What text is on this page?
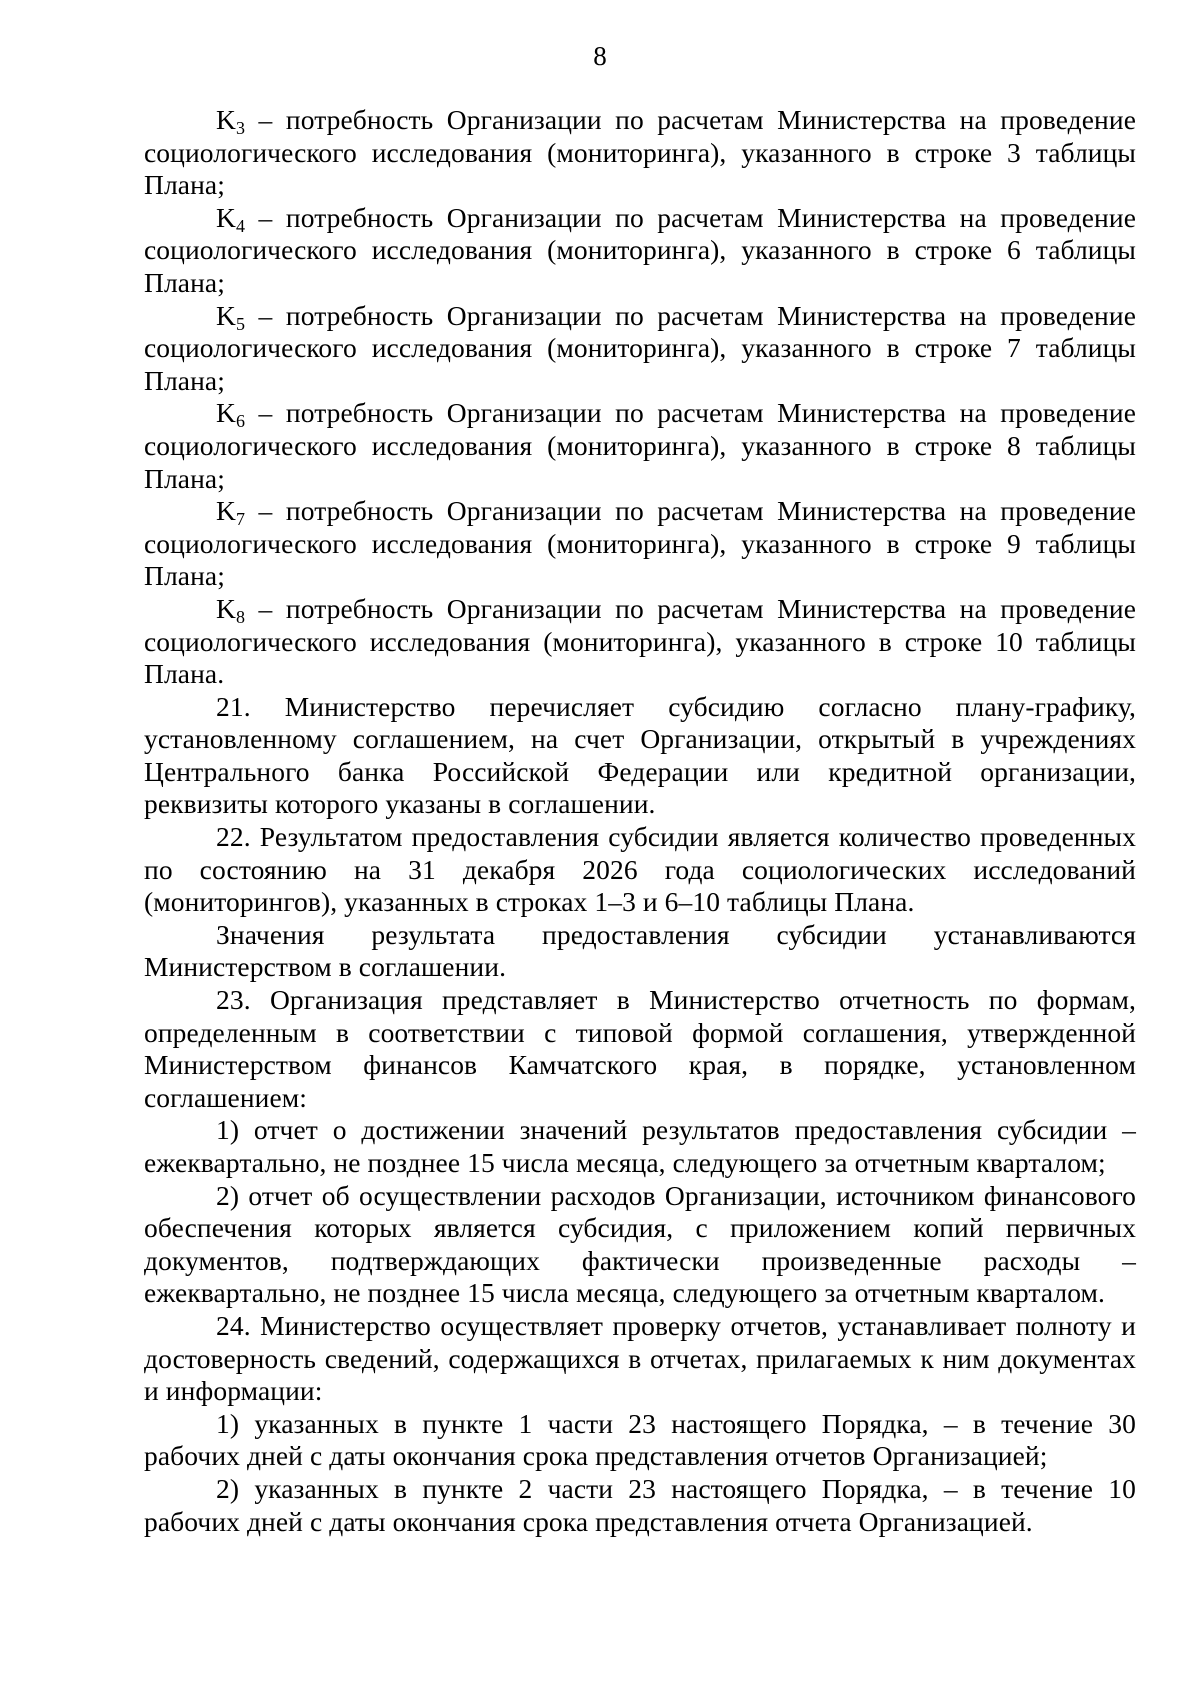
8

$K_3$ – потребность Организации по расчетам Министерства на проведение социологического исследования (мониторинга), указанного в строке 3 таблицы Плана;

$K_4$ – потребность Организации по расчетам Министерства на проведение социологического исследования (мониторинга), указанного в строке 6 таблицы Плана;

$K_5$ – потребность Организации по расчетам Министерства на проведение социологического исследования (мониторинга), указанного в строке 7 таблицы Плана;

$K_6$ – потребность Организации по расчетам Министерства на проведение социологического исследования (мониторинга), указанного в строке 8 таблицы Плана;

$K_7$ – потребность Организации по расчетам Министерства на проведение социологического исследования (мониторинга), указанного в строке 9 таблицы Плана;

$K_8$ – потребность Организации по расчетам Министерства на проведение социологического исследования (мониторинга), указанного в строке 10 таблицы Плана.

21. Министерство перечисляет субсидию согласно плану-графику, установленному соглашением, на счет Организации, открытый в учреждениях Центрального банка Российской Федерации или кредитной организации, реквизиты которого указаны в соглашении.

22. Результатом предоставления субсидии является количество проведенных по состоянию на 31 декабря 2026 года социологических исследований (мониторингов), указанных в строках 1–3 и 6–10 таблицы Плана.

Значения результата предоставления субсидии устанавливаются Министерством в соглашении.

23. Организация представляет в Министерство отчетность по формам, определенным в соответствии с типовой формой соглашения, утвержденной Министерством финансов Камчатского края, в порядке, установленном соглашением:

1) отчет о достижении значений результатов предоставления субсидии – ежеквартально, не позднее 15 числа месяца, следующего за отчетным кварталом;

2) отчет об осуществлении расходов Организации, источником финансового обеспечения которых является субсидия, с приложением копий первичных документов, подтверждающих фактически произведенные расходы – ежеквартально, не позднее 15 числа месяца, следующего за отчетным кварталом.

24. Министерство осуществляет проверку отчетов, устанавливает полноту и достоверность сведений, содержащихся в отчетах, прилагаемых к ним документах и информации:

1) указанных в пункте 1 части 23 настоящего Порядка, – в течение 30 рабочих дней с даты окончания срока представления отчетов Организацией;

2) указанных в пункте 2 части 23 настоящего Порядка, – в течение 10 рабочих дней с даты окончания срока представления отчета Организацией.
